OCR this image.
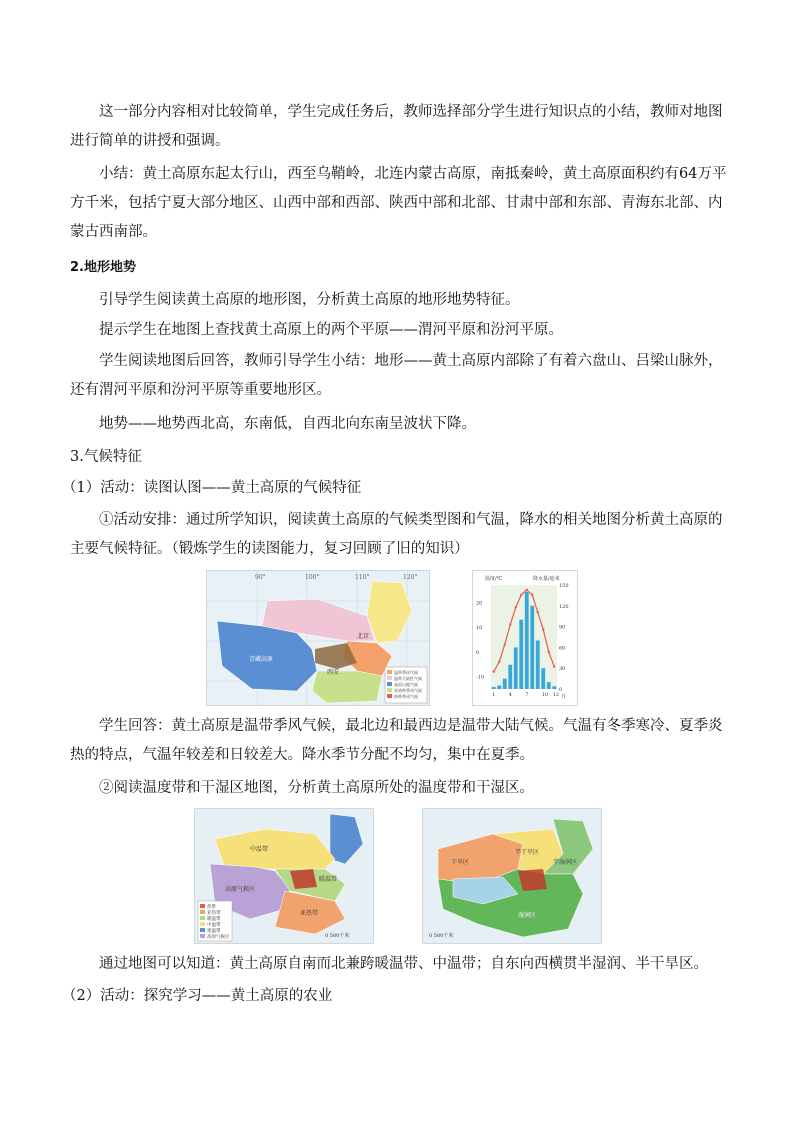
这一部分内容相对比较简单，学生完成任务后，教师选择部分学生进行知识点的小结，教师对地图进行简单的讲授和强调。

小结：黄土高原东起太行山，西至乌鞘岭，北连内蒙古高原，南抵秦岭，黄土高原面积约有64万平方千米，包括宁夏大部分地区、山西中部和西部、陕西中部和北部、甘肃中部和东部、青海东北部、内蒙古西南部。

2.地形地势

引导学生阅读黄土高原的地形图，分析黄土高原的地形地势特征。

提示学生在地图上查找黄土高原上的两个平原——渭河平原和汾河平原。

学生阅读地图后回答，教师引导学生小结：地形——黄土高原内部除了有着六盘山、吕梁山脉外，还有渭河平原和汾河平原等重要地形区。

地势——地势西北高，东南低，自西北向东南呈波状下降。

3.气候特征

（1）活动：读图认图——黄土高原的气候特征

①活动安排：通过所学知识，阅读黄土高原的气候类型图和气温，降水的相关地图分析黄土高原的主要气候特征。（锻炼学生的读图能力，复习回顾了旧的知识）

90°	100°	110°	120°
北京
西安
青藏高原
温带季风气候
温带大陆性气候
高原山地气候
亚热带季风气候
热带季风气候
温度/℃	降水量/毫米
月
-10
0
10
20
0
30
60
90
120
150
1	4	7	10 12

学生回答：黄土高原是温带季风气候，最北边和最西边是温带大陆气候。气温有冬季寒冷、夏季炎热的特点，气温年较差和日较差大。降水季节分配不均匀，集中在夏季。

②阅读温度带和干湿区地图，分析黄土高原所处的温度带和干湿区。

中温带
暖温带
高原气候区
亚热带
热带
亚热带
暖温带
中温带
寒温带
高原气候区	0 500千米
干旱区
半干旱区
半湿润区
湿润区
0 500千米

通过地图可以知道：黄土高原自南而北兼跨暖温带、中温带；自东向西横贯半湿润、半干旱区。

（2）活动：探究学习——黄土高原的农业
